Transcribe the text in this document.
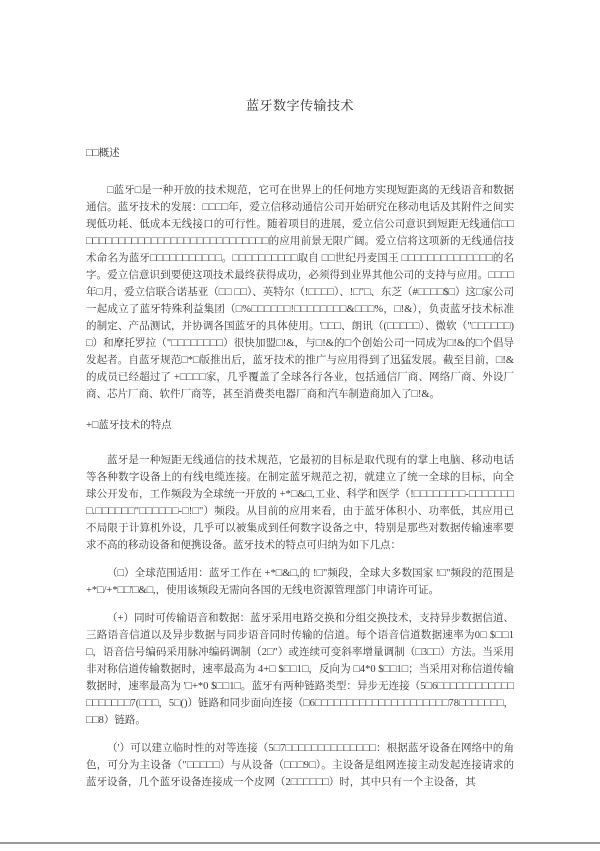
蓝牙数字传输技术
□□概述

□蓝牙□是一种开放的技术规范，它可在世界上的任何地方实现短距离的无线语音和数据通信。蓝牙技术的发展：□□□□年，爱立信移动通信公司开始研究在移动电话及其附件之间实现低功耗、低成本无线接口的可行性。随着项目的进展，爱立信公司意识到短距无线通信□□□□□□□□□□□□□□□□□□□□□□□□□□□□□□的应用前景无限广阔。爱立信将这项新的无线通信技术命名为蓝牙□□□□□□□□□□□。□□□□□□□□□□取自 □□世纪丹麦国王 □□□□□□□□□□□□□□的名字。爱立信意识到要使这项技术最终获得成功，必须得到业界其他公司的支持与应用。□□□□年□月，爱立信联合诺基亚（□□ □□）、英特尔（!□□□□）、!□"□、东芝（#□□□□$□）这□家公司一起成立了蓝牙特殊利益集团（□%□□□□□□!□□□□□□□□&□□□%，□!&），负责蓝牙技术标准的制定、产品测试，并协调各国蓝牙的具体使用。'□□□、朗讯（(□□□□□）、微软（"□□□□□□)□）和摩托罗拉（"□□□□□□□□）很快加盟□!&，与□!&的□个创始公司一同成为□!&的□个倡导发起者。自蓝牙规范□*□版推出后，蓝牙技术的推广与应用得到了迅猛发展。截至目前，□!&的成员已经超过了 +□□□□家，几乎覆盖了全球各行各业，包括通信厂商、网络厂商、外设厂商、芯片厂商、软件厂商等，甚至消费类电器厂商和汽车制造商加入了□!&。

+□蓝牙技术的特点

蓝牙是一种短距无线通信的技术规范，它最初的目标是取代现有的掌上电脑、移动电话等各种数字设备上的有线电缆连接。在制定蓝牙规范之初，就建立了统一全球的目标，向全球公开发布，工作频段为全球统一开放的 +*□&□,工业、科学和医学（!□□□□□□□□-□□□□□□□□.□□□□□□"□□□□□□-□!□"）频段。从目前的应用来看，由于蓝牙体积小、功率低，其应用已不局限于计算机外设，几乎可以被集成到任何数字设备之中，特别是那些对数据传输速率要求不高的移动设备和便携设备。蓝牙技术的特点可归纳为如下几点：

（□）全球范围适用：蓝牙工作在 +*□&□,的 !□"频段，全球大多数国家 !□"频段的范围是 +*□/+*□□'□&□,，使用该频段无需向各国的无线电资源管理部门申请许可证。

（+）同时可传输语音和数据：蓝牙采用电路交换和分组交换技术，支持异步数据信道、三路语音信道以及异步数据与同步语音同时传输的信道。每个语音信道数据速率为0□ $□□1□，语音信号编码采用脉冲编码调制（2□"）或连续可变斜率增量调制（□3□□）方法。当采用非对称信道传输数据时，速率最高为 4+□ $□□1□，反向为 □4*0 $□□1□；当采用对称信道传输数据时，速率最高为 '□+*0 $□□1□。蓝牙有两种链路类型：异步无连接（5□6□□□□□□□□□□□□□□□□□□□7(□□□，5□()）链路和同步面向连接（□6□□□□□□□□□□□□□□□□□□□□□78□□□□□□□，□□8）链路。

（'）可以建立临时性的对等连接（5□7□□□□□□□□□□□□□□：根据蓝牙设备在网络中的角色，可分为主设备（"□□□□□）与从设备（□□□9□）。主设备是组网连接主动发起连接请求的蓝牙设备，几个蓝牙设备连接成一个皮网（2□□□□□□）时，其中只有一个主设备，其
